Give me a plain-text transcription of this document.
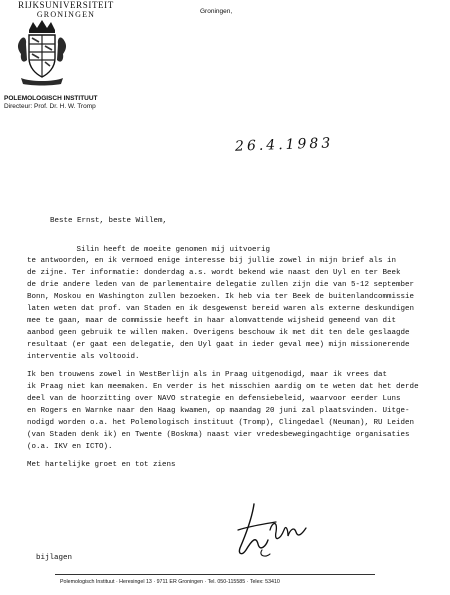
RIJKSUNIVERSITEIT
GRONINGEN	Groningen,
POLEMOLOGISCH INSTITUUT
Directeur: Prof. Dr. H. W. Tromp
26.4.1983
Beste Ernst, beste Willem,
Silin heeft de moeite genomen mij uitvoerig
te antwoorden, en ik vermoed enige interesse bij jullie zowel in mijn brief als in
de zijne. Ter informatie: donderdag a.s. wordt bekend wie naast den Uyl en ter Beek
de drie andere leden van de parlementaire delegatie zullen zijn die van 5-12 september
Bonn, Moskou en Washington zullen bezoeken. Ik heb via ter Beek de buitenlandcommissie
laten weten dat prof. van Staden en ik desgewenst bereid waren als externe deskundigen
mee te gaan, maar de commissie heeft in haar alomvattende wijsheid gemeend van dit
aanbod geen gebruik te willen maken. Overigens beschouw ik met dit ten dele geslaagde
resultaat (er gaat een delegatie, den Uyl gaat in ieder geval mee) mijn missionerende
interventie als voltooid.
Ik ben trouwens zowel in WestBerlijn als in Praag uitgenodigd, maar ik vrees dat
ik Praag niet kan meemaken. En verder is het misschien aardig om te weten dat het derde
deel van de hoorzitting over NAVO strategie en defensiebeleid, waarvoor eerder Luns
en Rogers en Warnke naar den Haag kwamen, op maandag 20 juni zal plaatsvinden. Uitge-
nodigd worden o.a. het Polemologisch instituut (Tromp), Clingedael (Neuman), RU Leiden
(van Staden denk ik) en Twente (Boskma) naast vier vredesbewegingachtige organisaties
(o.a. IKV en ICTO).
Met hartelijke groet en tot ziens
bijlagen
Polemologisch Instituut · Heresingel 13 · 9711 ER Groningen · Tel. 050-115585 · Telex: 53410
